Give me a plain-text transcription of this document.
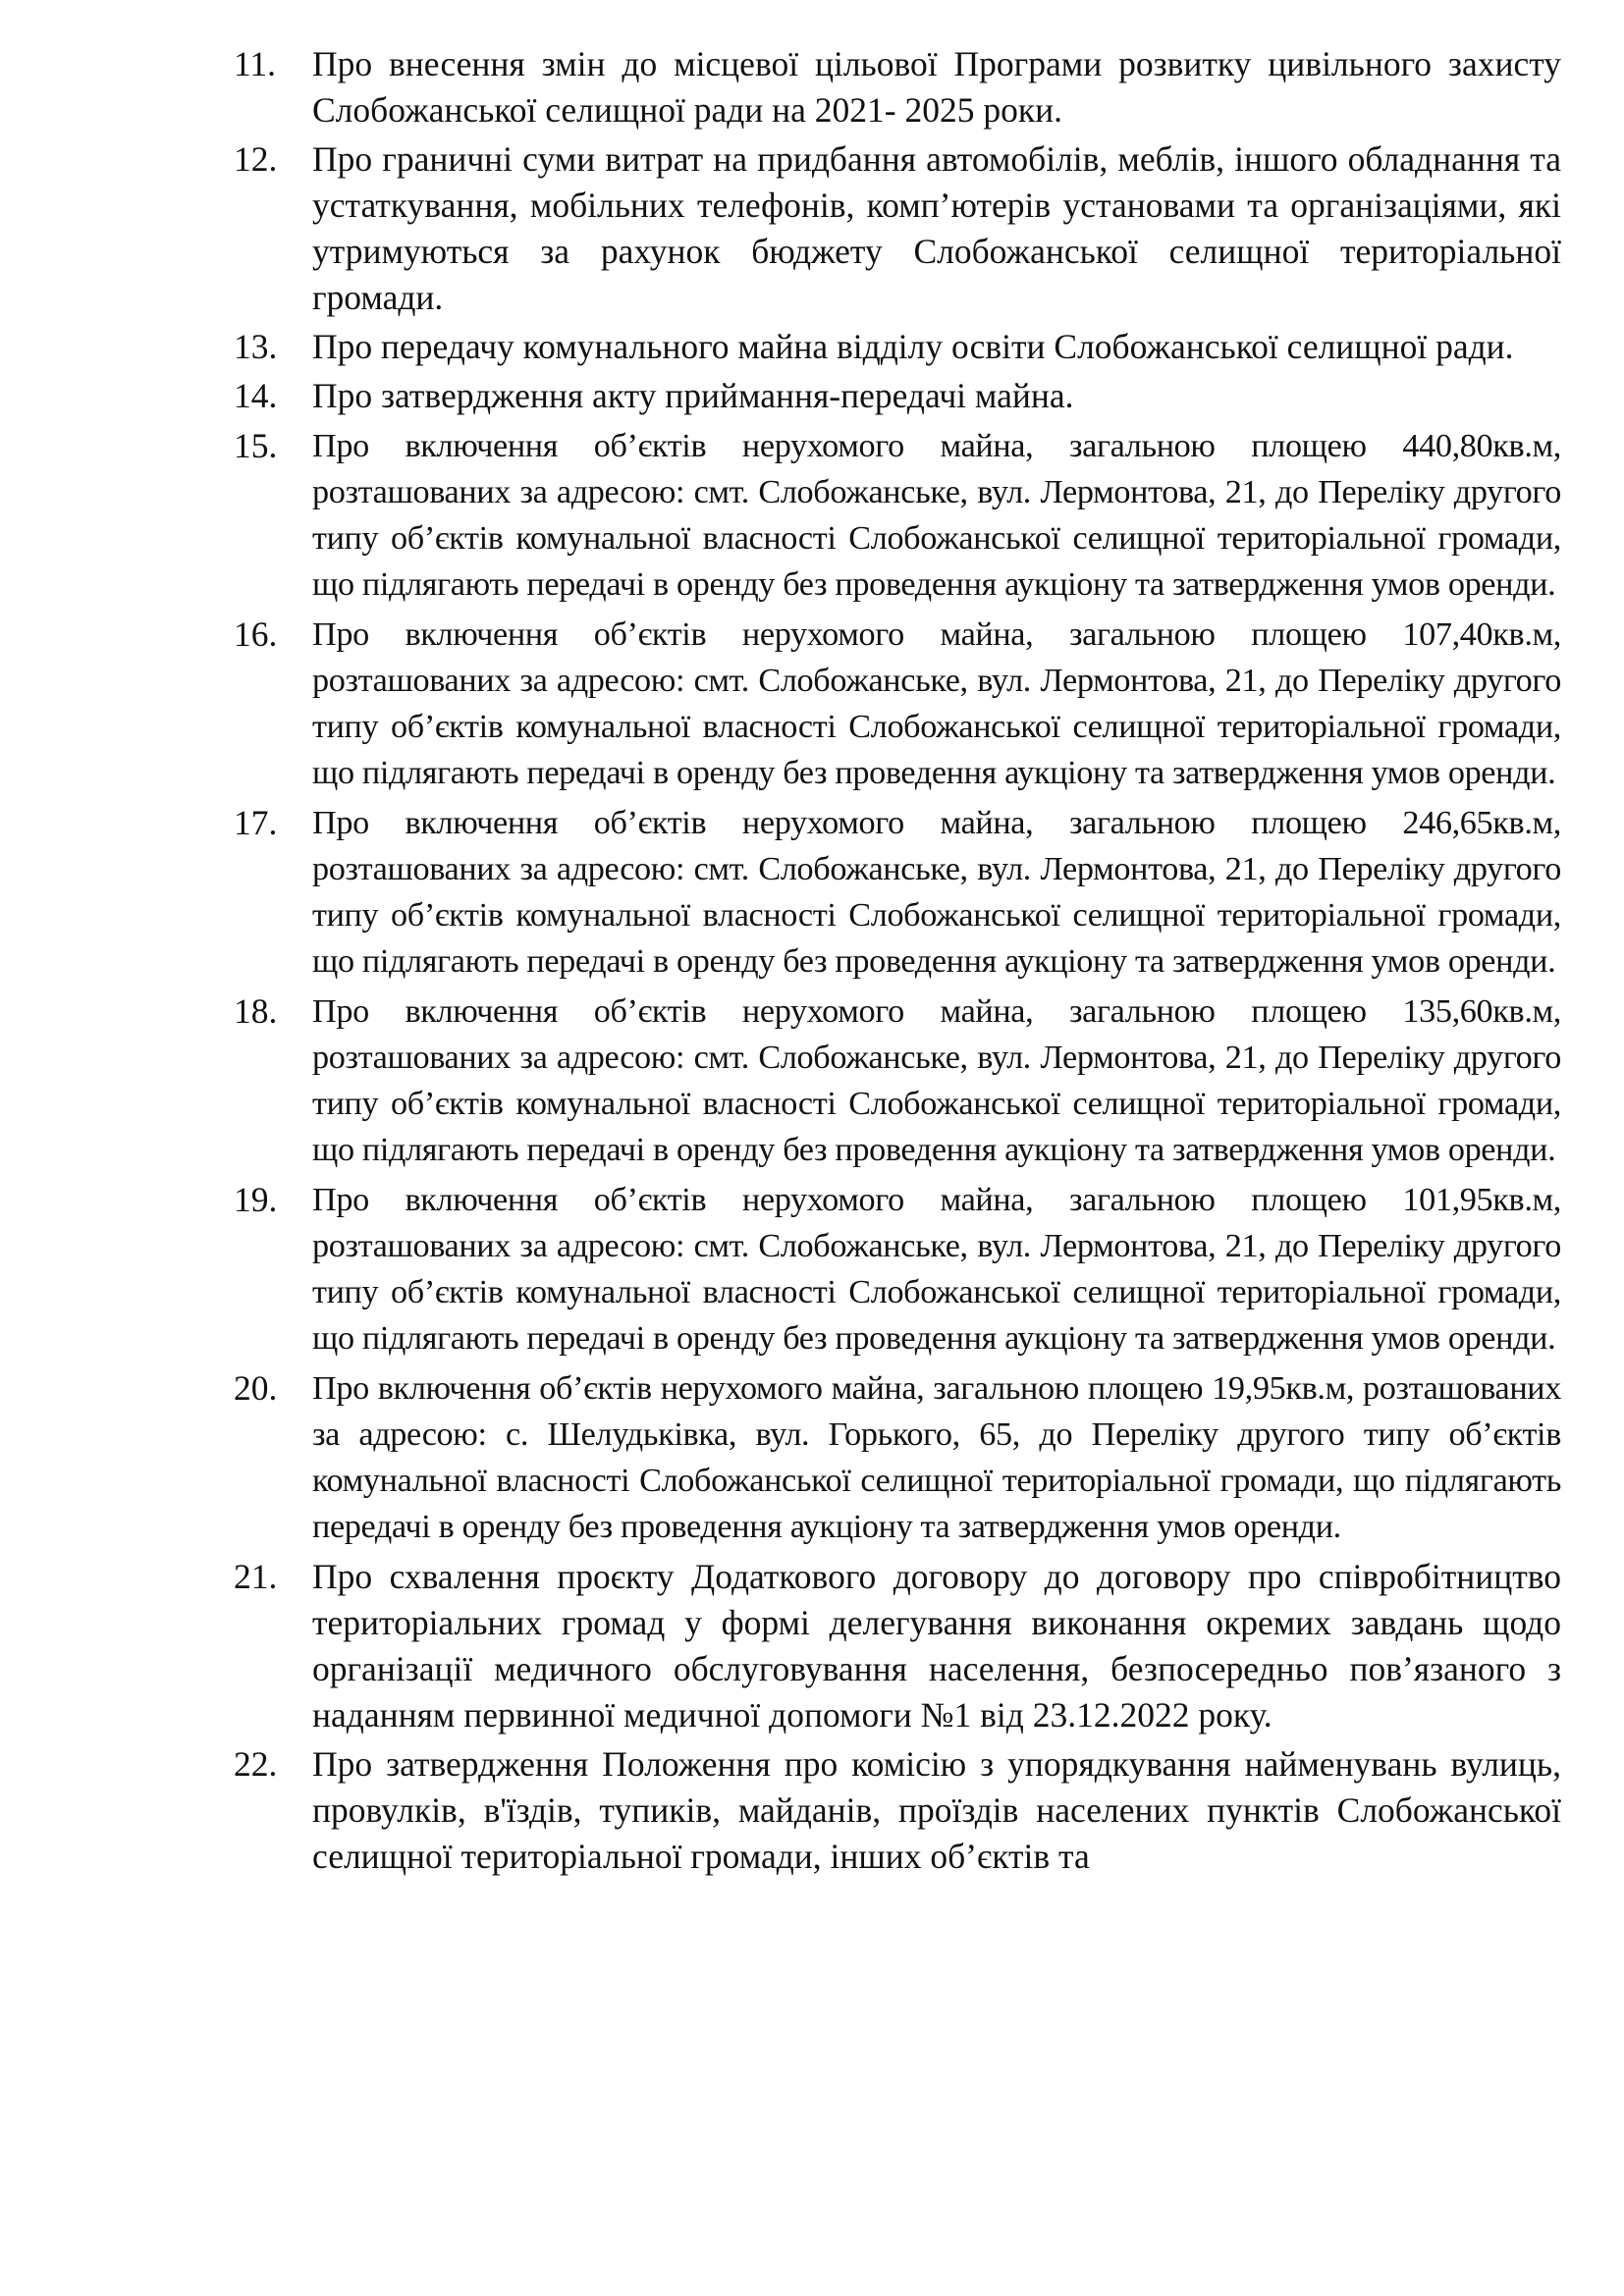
11.	Про внесення змін до місцевої цільової Програми розвитку цивільного захисту Слобожанської селищної ради на 2021- 2025 роки.
12.	Про граничні суми витрат на придбання автомобілів, меблів, іншого обладнання та устаткування, мобільних телефонів, комп’ютерів установами та організаціями, які утримуються за рахунок бюджету Слобожанської селищної територіальної громади.
13.	Про передачу комунального майна відділу освіти Слобожанської селищної ради.
14.	Про затвердження акту приймання-передачі майна.
15.	Про включення об’єктів нерухомого майна, загальною площею 440,80кв.м, розташованих за адресою: смт. Слобожанське, вул. Лермонтова, 21, до Переліку другого типу об’єктів комунальної власності Слобожанської селищної територіальної громади, що підлягають передачі в оренду без проведення аукціону та затвердження умов оренди.
16.	Про включення об’єктів нерухомого майна, загальною площею 107,40кв.м, розташованих за адресою: смт. Слобожанське, вул. Лермонтова, 21, до Переліку другого типу об’єктів комунальної власності Слобожанської селищної територіальної громади, що підлягають передачі в оренду без проведення аукціону та затвердження умов оренди.
17.	Про включення об’єктів нерухомого майна, загальною площею 246,65кв.м, розташованих за адресою: смт. Слобожанське, вул. Лермонтова, 21, до Переліку другого типу об’єктів комунальної власності Слобожанської селищної територіальної громади, що підлягають передачі в оренду без проведення аукціону та затвердження умов оренди.
18.	Про включення об’єктів нерухомого майна, загальною площею 135,60кв.м, розташованих за адресою: смт. Слобожанське, вул. Лермонтова, 21, до Переліку другого типу об’єктів комунальної власності Слобожанської селищної територіальної громади, що підлягають передачі в оренду без проведення аукціону та затвердження умов оренди.
19.	Про включення об’єктів нерухомого майна, загальною площею 101,95кв.м, розташованих за адресою: смт. Слобожанське, вул. Лермонтова, 21, до Переліку другого типу об’єктів комунальної власності Слобожанської селищної територіальної громади, що підлягають передачі в оренду без проведення аукціону та затвердження умов оренди.
20.	Про включення об’єктів нерухомого майна, загальною площею 19,95кв.м, розташованих за адресою: с. Шелудьківка, вул. Горького, 65, до Переліку другого типу об’єктів комунальної власності Слобожанської селищної територіальної громади, що підлягають передачі в оренду без проведення аукціону та затвердження умов оренди.
21.	Про схвалення проєкту Додаткового договору до договору про співробітництво територіальних громад у формі делегування виконання окремих завдань щодо організації медичного обслуговування населення, безпосередньо пов’язаного з наданням первинної медичної допомоги №1 від 23.12.2022 року.
22.	Про затвердження Положення про комісію з упорядкування найменувань вулиць, провулків, в'їздів, тупиків, майданів, проїздів населених пунктів Слобожанської селищної територіальної громади, інших об’єктів та
